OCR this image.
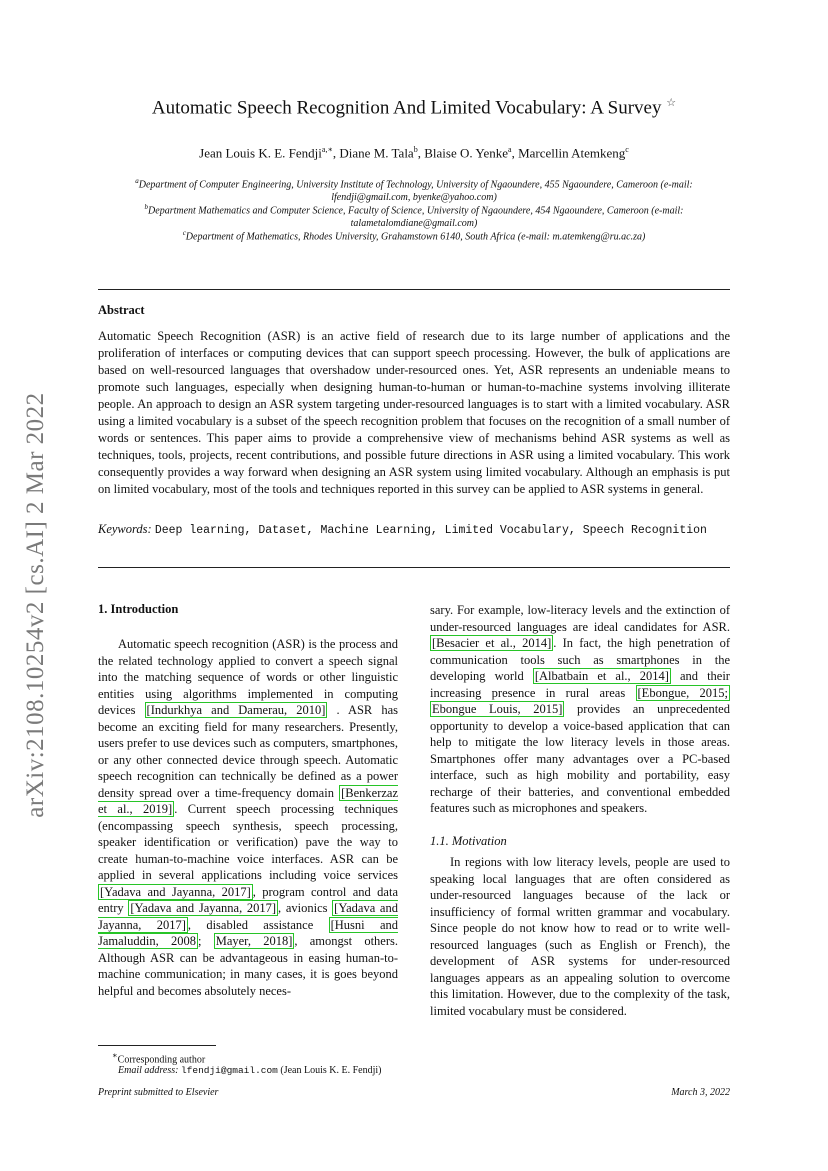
arXiv:2108.10254v2 [cs.AI] 2 Mar 2022
Automatic Speech Recognition And Limited Vocabulary: A Survey ☆
Jean Louis K. E. Fendji$^{a,∗}$, Diane M. Tala$^b$, Blaise O. Yenke$^a$, Marcellin Atemkeng$^c$
$^a$Department of Computer Engineering, University Institute of Technology, University of Ngaoundere, 455 Ngaoundere, Cameroon (e-mail:
lfendji@gmail.com, byenke@yahoo.com)
$^b$Department Mathematics and Computer Science, Faculty of Science, University of Ngaoundere, 454 Ngaoundere, Cameroon (e-mail:
talametalomdiane@gmail.com)
$^c$Department of Mathematics, Rhodes University, Grahamstown 6140, South Africa (e-mail: m.atemkeng@ru.ac.za)
Abstract
Automatic Speech Recognition (ASR) is an active field of research due to its large number of applications and the proliferation of interfaces or computing devices that can support speech processing. However, the bulk of applications are based on well-resourced languages that overshadow under-resourced ones. Yet, ASR represents an undeniable means to promote such languages, especially when designing human-to-human or human-to-machine systems involving illiterate people. An approach to design an ASR system targeting under-resourced languages is to start with a limited vocabulary. ASR using a limited vocabulary is a subset of the speech recognition problem that focuses on the recognition of a small number of words or sentences. This paper aims to provide a comprehensive view of mechanisms behind ASR systems as well as techniques, tools, projects, recent contributions, and possible future directions in ASR using a limited vocabulary. This work consequently provides a way forward when designing an ASR system using limited vocabulary. Although an emphasis is put on limited vocabulary, most of the tools and techniques reported in this survey can be applied to ASR systems in general.
Keywords: Deep learning, Dataset, Machine Learning, Limited Vocabulary, Speech Recognition
1. Introduction

Automatic speech recognition (ASR) is the process and the related technology applied to convert a speech signal into the matching sequence of words or other linguistic entities using algorithms implemented in computing devices [Indurkhya and Damerau, 2010] . ASR has become an exciting field for many researchers. Presently, users prefer to use devices such as computers, smartphones, or any other connected device through speech. Automatic speech recognition can technically be defined as a power density spread over a time-frequency domain [Benkerzaz et al., 2019] . Current speech processing techniques (encompassing speech synthesis, speech processing, speaker identification or verification) pave the way to create human-to-machine voice interfaces. ASR can be applied in several applications including voice services [Yadava and Jayanna, 2017] , program control and data entry [Yadava and Jayanna, 2017] , avionics [Yadava and Jayanna, 2017] , disabled assistance [Husni and Jamaluddin, 2008 ; Mayer, 2018] , amongst others. Although ASR can be advantageous in easing human-to-machine communication; in many cases, it is goes beyond helpful and becomes absolutely neces-

sary. For example, low-literacy levels and the extinction of under-resourced languages are ideal candidates for ASR.[Besacier et al., 2014] . In fact, the high penetration of communication tools such as smartphones in the developing world [Albatbain et al., 2014] and their increasing presence in rural areas [Ebongue, 2015; Ebongue Louis, 2015] provides an unprecedented opportunity to develop a voice-based application that can help to mitigate the low literacy levels in those areas. Smartphones offer many advantages over a PC-based interface, such as high mobility and portability, easy recharge of their batteries, and conventional embedded features such as microphones and speakers.

1.1. Motivation

In regions with low literacy levels, people are used to speaking local languages that are often considered as under-resourced languages because of the lack or insufficiency of formal written grammar and vocabulary. Since people do not know how to read or to write well-resourced languages (such as English or French), the development of ASR systems for under-resourced languages appears as an appealing solution to overcome this limitation. However, due to the complexity of the task, limited vocabulary must be considered.

∗Corresponding author
Email address: lfendji@gmail.com (Jean Louis K. E. Fendji)
Preprint submitted to Elsevier	March 3, 2022
